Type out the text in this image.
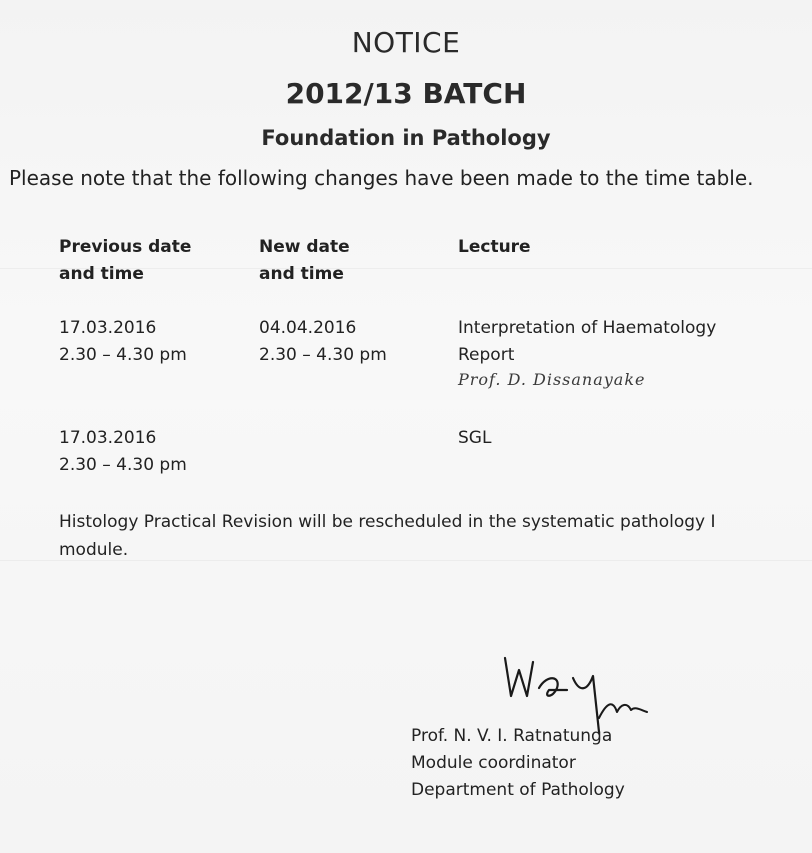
NOTICE
2012/13 BATCH
Foundation in Pathology
Please note that the following changes have been made to the time table.
Previous date
and time
New date
and time
Lecture
17.03.2016
2.30 – 4.30 pm
04.04.2016
2.30 – 4.30 pm
Interpretation of Haematology
Report
Prof. D. Dissanayake
17.03.2016
2.30 – 4.30 pm
SGL
Histology Practical Revision will be rescheduled in the systematic pathology I module.
Prof. N. V. I. Ratnatunga
Module coordinator
Department of Pathology
